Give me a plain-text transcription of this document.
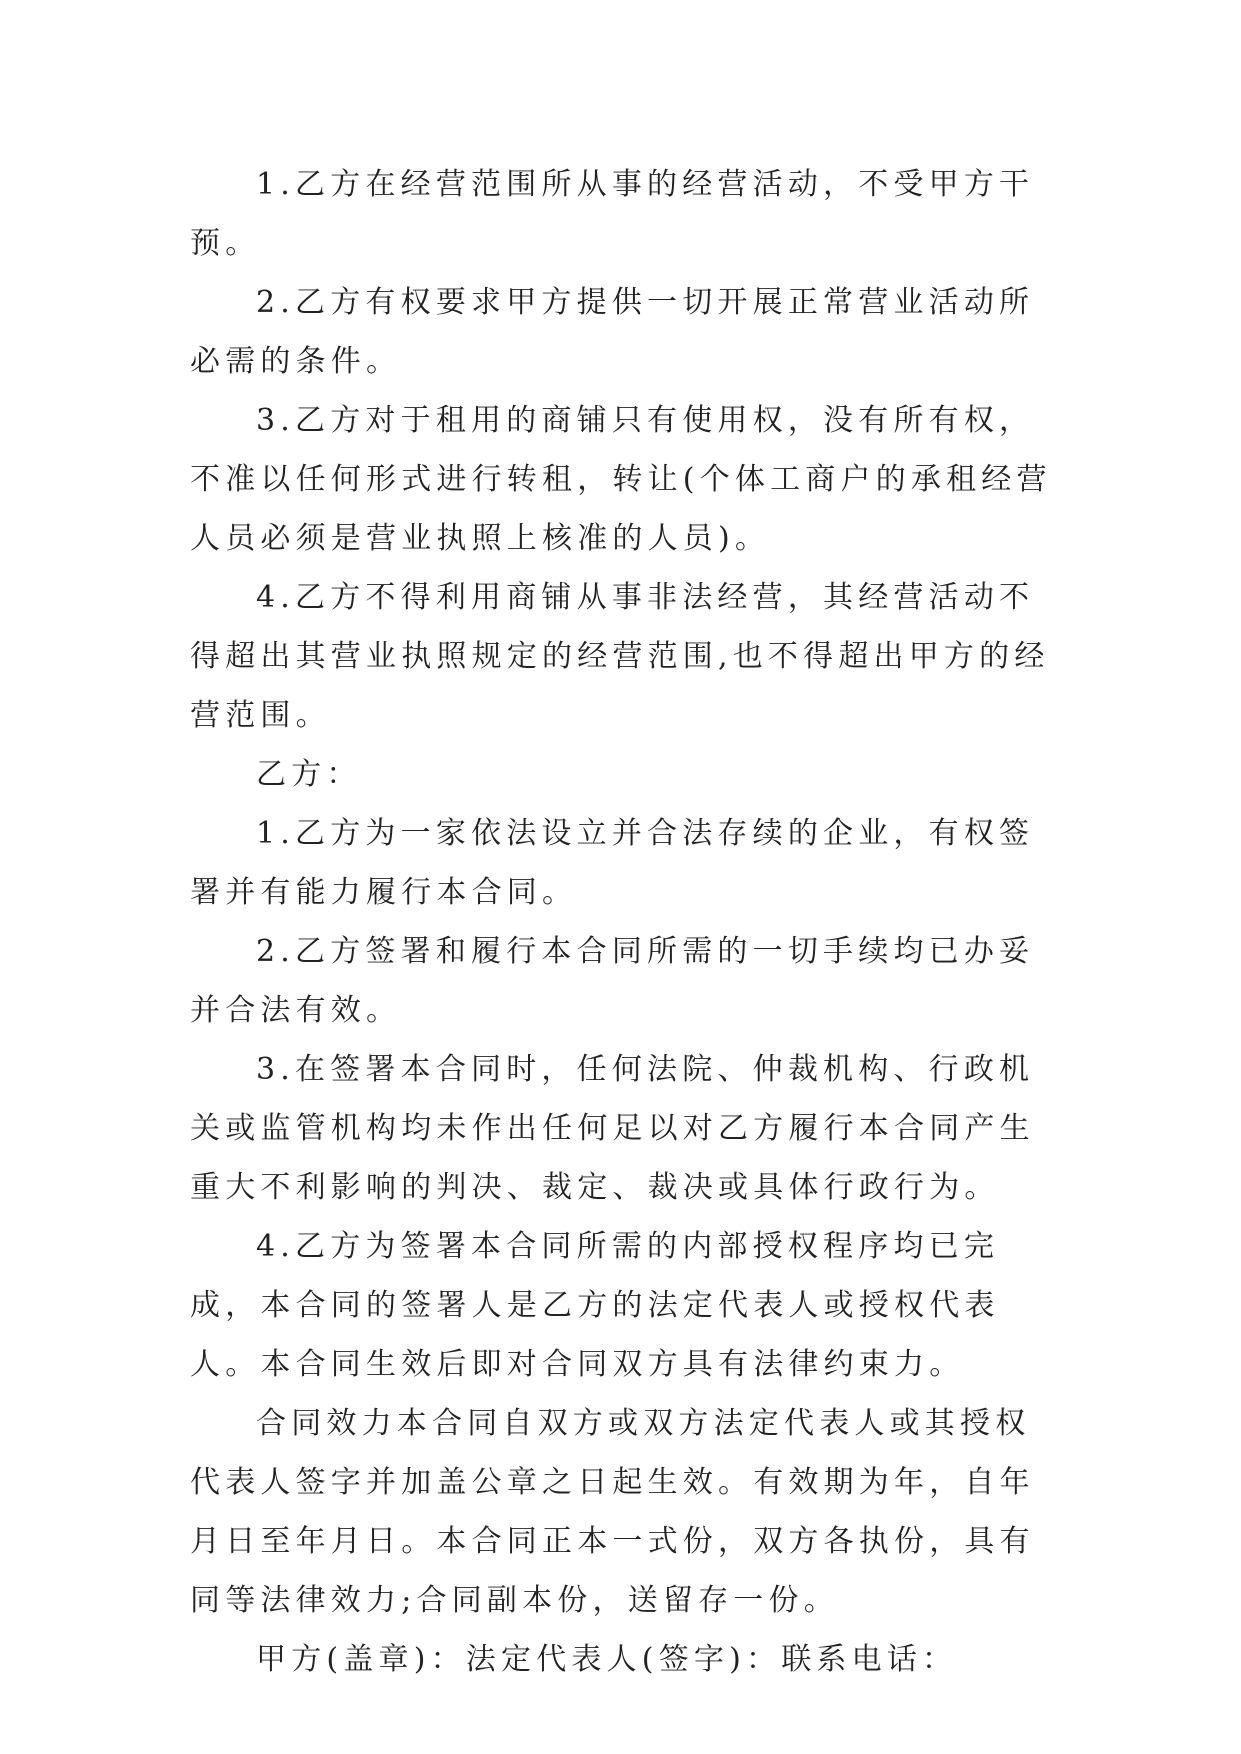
1.乙方在经营范围所从事的经营活动，不受甲方干预。

2.乙方有权要求甲方提供一切开展正常营业活动所必需的条件。

3.乙方对于租用的商铺只有使用权，没有所有权，不准以任何形式进行转租，转让(个体工商户的承租经营人员必须是营业执照上核准的人员)。

4.乙方不得利用商铺从事非法经营，其经营活动不得超出其营业执照规定的经营范围,也不得超出甲方的经营范围。

乙方：

1.乙方为一家依法设立并合法存续的企业，有权签署并有能力履行本合同。

2.乙方签署和履行本合同所需的一切手续均已办妥并合法有效。

3.在签署本合同时，任何法院、仲裁机构、行政机关或监管机构均未作出任何足以对乙方履行本合同产生重大不利影响的判决、裁定、裁决或具体行政行为。

4.乙方为签署本合同所需的内部授权程序均已完成，本合同的签署人是乙方的法定代表人或授权代表人。本合同生效后即对合同双方具有法律约束力。

合同效力本合同自双方或双方法定代表人或其授权代表人签字并加盖公章之日起生效。有效期为年，自年月日至年月日。本合同正本一式份，双方各执份，具有同等法律效力;合同副本份，送留存一份。

甲方(盖章)：法定代表人(签字)：联系电话：
